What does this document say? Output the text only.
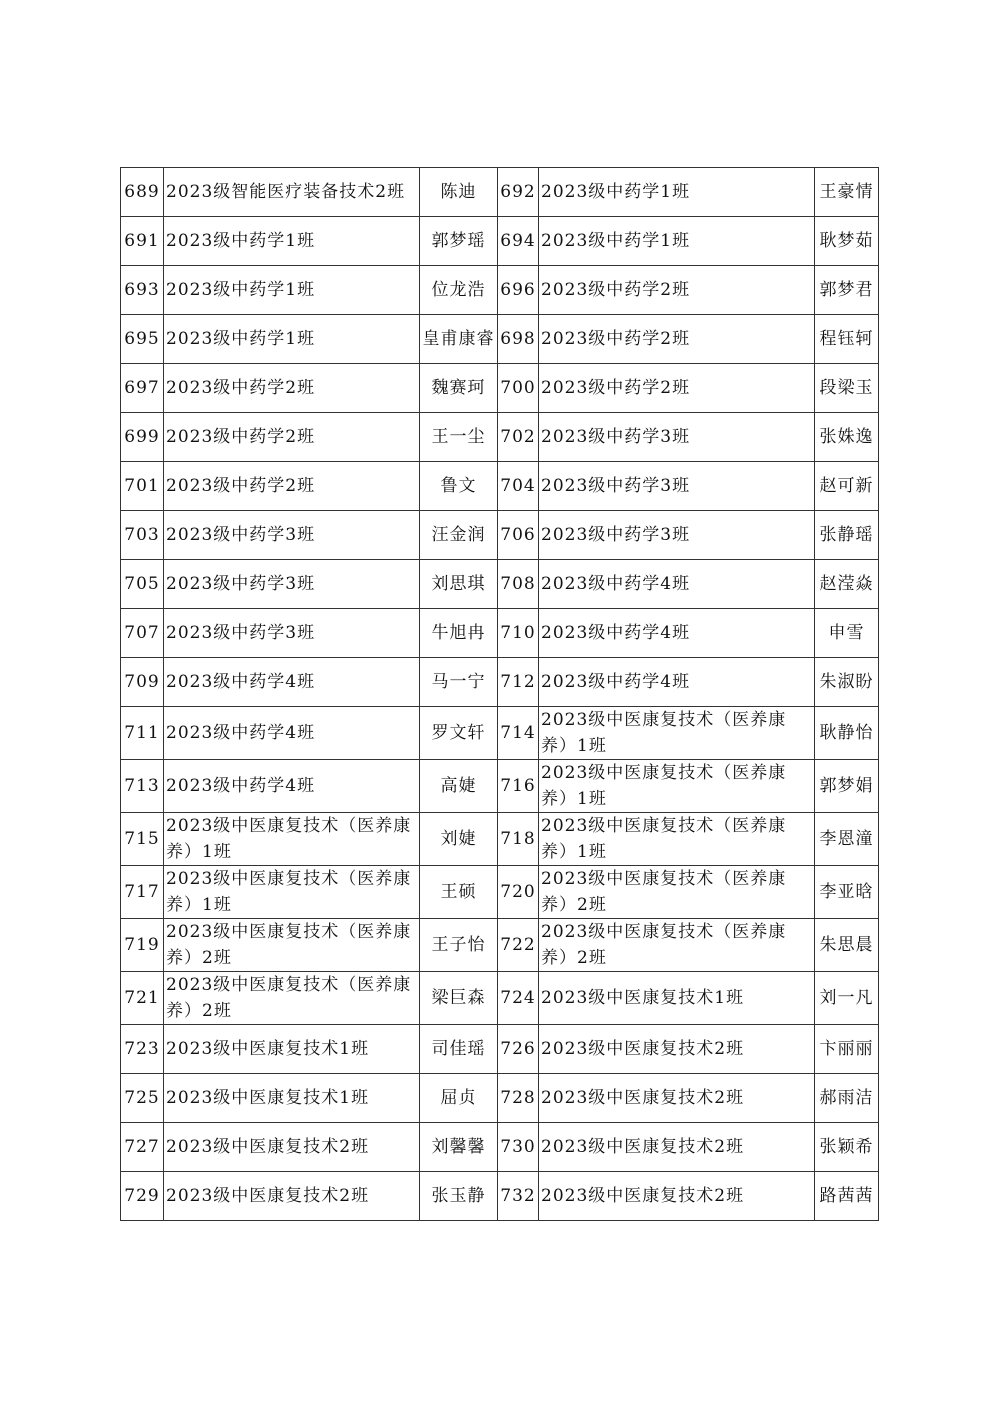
689	2023级智能医疗装备技术2班	陈迪	692	2023级中药学1班	王豪情
691	2023级中药学1班	郭梦瑶	694	2023级中药学1班	耿梦茹
693	2023级中药学1班	位龙浩	696	2023级中药学2班	郭梦君
695	2023级中药学1班	皇甫康睿	698	2023级中药学2班	程钰轲
697	2023级中药学2班	魏赛珂	700	2023级中药学2班	段梁玉
699	2023级中药学2班	王一尘	702	2023级中药学3班	张姝逸
701	2023级中药学2班	鲁文	704	2023级中药学3班	赵可新
703	2023级中药学3班	汪金润	706	2023级中药学3班	张静瑶
705	2023级中药学3班	刘思琪	708	2023级中药学4班	赵滢焱
707	2023级中药学3班	牛旭冉	710	2023级中药学4班	申雪
709	2023级中药学4班	马一宁	712	2023级中药学4班	朱淑盼
711	2023级中药学4班	罗文轩	714	2023级中医康复技术（医养康养）1班	耿静怡
713	2023级中药学4班	高婕	716	2023级中医康复技术（医养康养）1班	郭梦娟
715	2023级中医康复技术（医养康养）1班	刘婕	718	2023级中医康复技术（医养康养）1班	李恩潼
717	2023级中医康复技术（医养康养）1班	王硕	720	2023级中医康复技术（医养康养）2班	李亚晗
719	2023级中医康复技术（医养康养）2班	王子怡	722	2023级中医康复技术（医养康养）2班	朱思晨
721	2023级中医康复技术（医养康养）2班	梁巨森	724	2023级中医康复技术1班	刘一凡
723	2023级中医康复技术1班	司佳瑶	726	2023级中医康复技术2班	卞丽丽
725	2023级中医康复技术1班	屈贞	728	2023级中医康复技术2班	郝雨洁
727	2023级中医康复技术2班	刘馨馨	730	2023级中医康复技术2班	张颖希
729	2023级中医康复技术2班	张玉静	732	2023级中医康复技术2班	路茜茜
